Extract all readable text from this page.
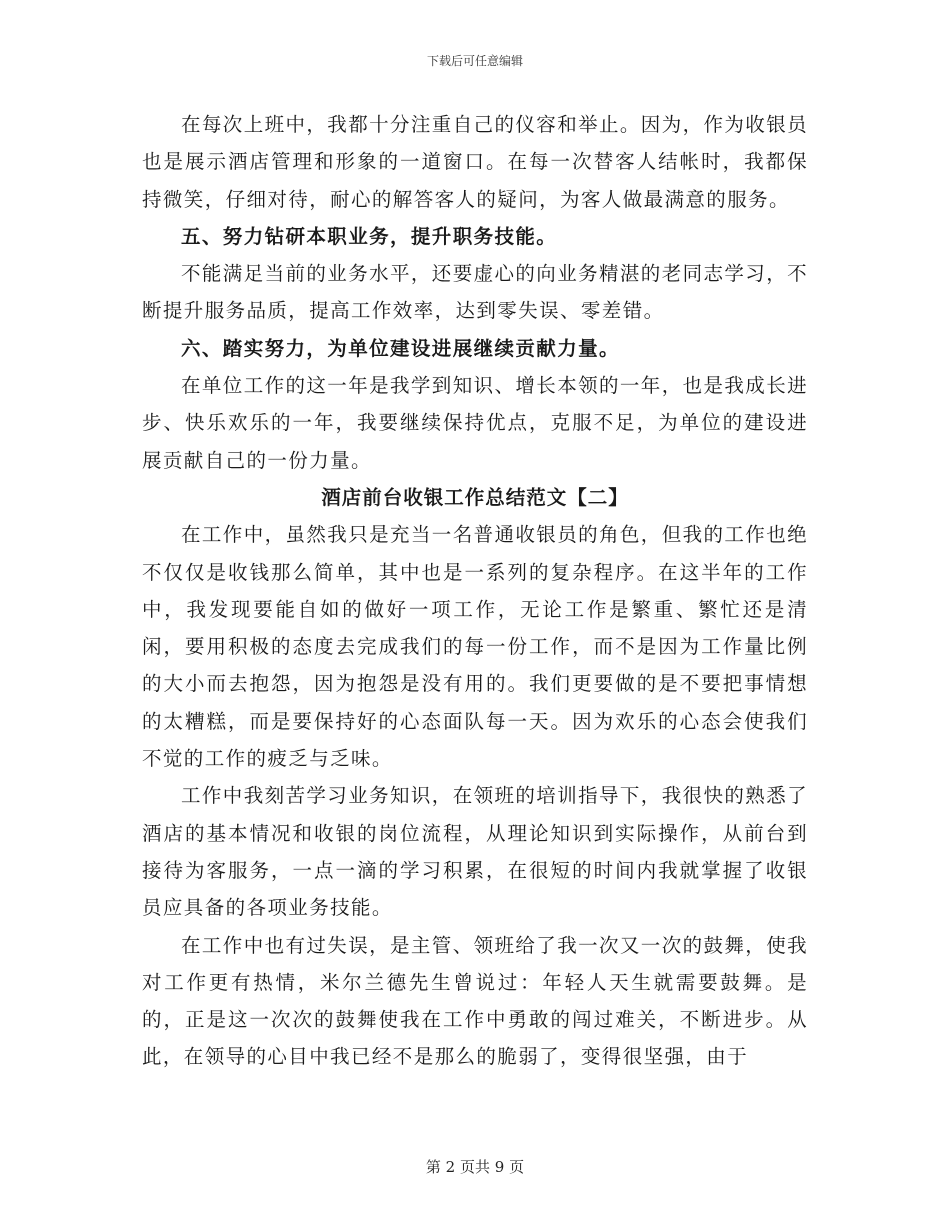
下载后可任意编辑

在每次上班中，我都十分注重自己的仪容和举止。因为，作为收银员也是展示酒店管理和形象的一道窗口。在每一次替客人结帐时，我都保持微笑，仔细对待，耐心的解答客人的疑问，为客人做最满意的服务。

五、努力钻研本职业务，提升职务技能。

不能满足当前的业务水平，还要虚心的向业务精湛的老同志学习，不断提升服务品质，提高工作效率，达到零失误、零差错。

六、踏实努力，为单位建设进展继续贡献力量。

在单位工作的这一年是我学到知识、增长本领的一年，也是我成长进步、快乐欢乐的一年，我要继续保持优点，克服不足，为单位的建设进展贡献自己的一份力量。

酒店前台收银工作总结范文【二】

在工作中，虽然我只是充当一名普通收银员的角色，但我的工作也绝不仅仅是收钱那么简单，其中也是一系列的复杂程序。在这半年的工作中，我发现要能自如的做好一项工作，无论工作是繁重、繁忙还是清闲，要用积极的态度去完成我们的每一份工作，而不是因为工作量比例的大小而去抱怨，因为抱怨是没有用的。我们更要做的是不要把事情想的太糟糕，而是要保持好的心态面队每一天。因为欢乐的心态会使我们不觉的工作的疲乏与乏味。

工作中我刻苦学习业务知识，在领班的培训指导下，我很快的熟悉了酒店的基本情况和收银的岗位流程，从理论知识到实际操作，从前台到接待为客服务，一点一滴的学习积累，在很短的时间内我就掌握了收银员应具备的各项业务技能。

在工作中也有过失误，是主管、领班给了我一次又一次的鼓舞，使我对工作更有热情，米尔兰德先生曾说过：年轻人天生就需要鼓舞。是的，正是这一次次的鼓舞使我在工作中勇敢的闯过难关，不断进步。从此，在领导的心目中我已经不是那么的脆弱了，变得很坚强，由于

第 2 页共 9 页
